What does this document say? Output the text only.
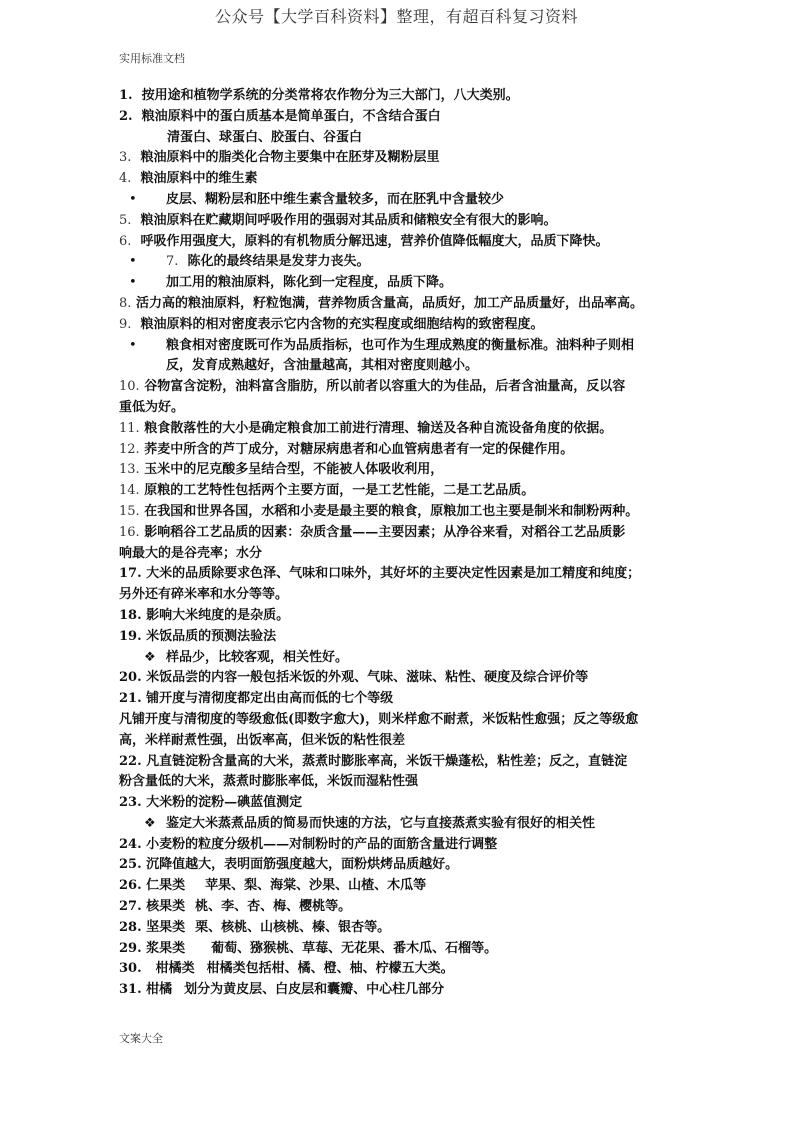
公众号【大学百科资料】整理，有超百科复习资料
实用标准文档
1. 按用途和植物学系统的分类常将农作物分为三大部门，八大类别。
2. 粮油原料中的蛋白质基本是简单蛋白，不含结合蛋白
清蛋白、球蛋白、胶蛋白、谷蛋白
3. 粮油原料中的脂类化合物主要集中在胚芽及糊粉层里
4. 粮油原料中的维生素
• 皮层、糊粉层和胚中维生素含量较多，而在胚乳中含量较少
5. 粮油原料在贮藏期间呼吸作用的强弱对其品质和储粮安全有很大的影响。
6. 呼吸作用强度大，原料的有机物质分解迅速，营养价值降低幅度大，品质下降快。
• 7. 陈化的最终结果是发芽力丧失。
• 加工用的粮油原料，陈化到一定程度，品质下降。
8. 活力高的粮油原料，籽粒饱满，营养物质含量高，品质好，加工产品质量好，出品率高。
9. 粮油原料的相对密度表示它内含物的充实程度或细胞结构的致密程度。
• 粮食相对密度既可作为品质指标，也可作为生理成熟度的衡量标准。油料种子则相
反，发育成熟越好，含油量越高，其相对密度则越小。
10. 谷物富含淀粉，油料富含脂肪，所以前者以容重大的为佳品，后者含油量高，反以容
重低为好。
11. 粮食散落性的大小是确定粮食加工前进行清理、输送及各种自流设备角度的依据。
12. 荞麦中所含的芦丁成分，对糖尿病患者和心血管病患者有一定的保健作用。
13. 玉米中的尼克酸多呈结合型，不能被人体吸收利用，
14. 原粮的工艺特性包括两个主要方面，一是工艺性能，二是工艺品质。
15. 在我国和世界各国，水稻和小麦是最主要的粮食，原粮加工也主要是制米和制粉两种。
16. 影响稻谷工艺品质的因素：杂质含量——主要因素；从净谷来看，对稻谷工艺品质影
响最大的是谷壳率；水分
17. 大米的品质除要求色泽、气味和口味外，其好坏的主要决定性因素是加工精度和纯度；
另外还有碎米率和水分等等。
18. 影响大米纯度的是杂质。
19. 米饭品质的预测法验法
❖ 样品少，比较客观，相关性好。
20. 米饭品尝的内容一般包括米饭的外观、气味、滋味、粘性、硬度及综合评价等
21. 铺开度与清彻度都定出由高而低的七个等级
凡铺开度与清彻度的等级愈低(即数字愈大)，则米样愈不耐煮，米饭粘性愈强；反之等级愈
高，米样耐煮性强，出饭率高，但米饭的粘性很差
22. 凡直链淀粉含量高的大米，蒸煮时膨胀率高，米饭干燥蓬松，粘性差；反之，直链淀
粉含量低的大米，蒸煮时膨胀率低，米饭而湿粘性强
23. 大米粉的淀粉—碘蓝值测定
❖ 鉴定大米蒸煮品质的简易而快速的方法，它与直接蒸煮实验有很好的相关性
24. 小麦粉的粒度分级机——对制粉时的产品的面筋含量进行调整
25. 沉降值越大，表明面筋强度越大，面粉烘烤品质越好。
26. 仁果类 苹果、梨、海棠、沙果、山楂、木瓜等
27. 核果类 桃、李、杏、梅、樱桃等。
28. 坚果类 栗、核桃、山核桃、榛、银杏等。
29. 浆果类 葡萄、猕猴桃、草莓、无花果、番木瓜、石榴等。
30. 柑橘类 柑橘类包括柑、橘、橙、柚、柠檬五大类。
31. 柑橘 划分为黄皮层、白皮层和囊瓣、中心柱几部分
文案大全
